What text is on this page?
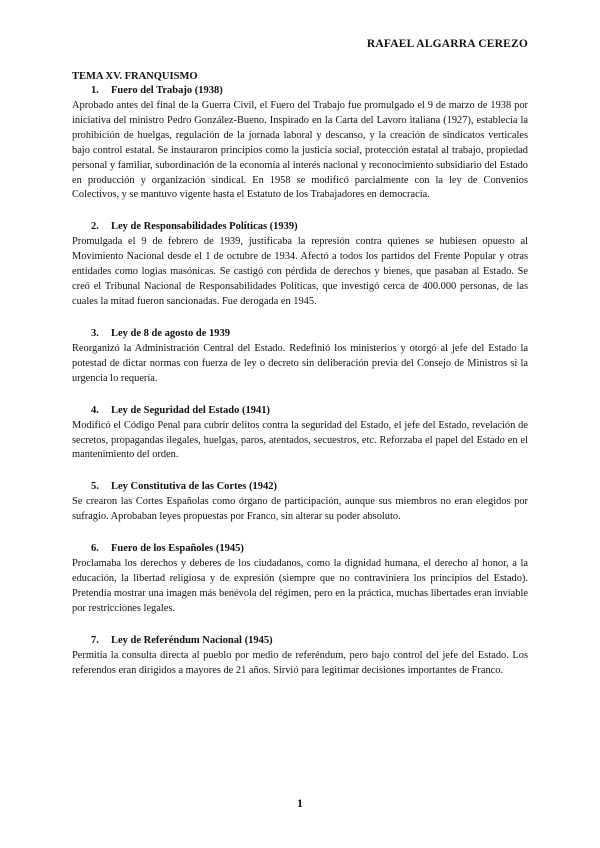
RAFAEL ALGARRA CEREZO
TEMA XV. FRANQUISMO
1. Fuero del Trabajo (1938)

Aprobado antes del final de la Guerra Civil, el Fuero del Trabajo fue promulgado el 9 de marzo de 1938 por iniciativa del ministro Pedro González-Bueno. Inspirado en la Carta del Lavoro italiana (1927), establecía la prohibición de huelgas, regulación de la jornada laboral y descanso, y la creación de sindicatos verticales bajo control estatal. Se instauraron principios como la justicia social, protección estatal al trabajo, propiedad personal y familiar, subordinación de la economía al interés nacional y reconocimiento subsidiario del Estado en producción y organización sindical. En 1958 se modificó parcialmente con la ley de Convenios Colectivos, y se mantuvo vigente hasta el Estatuto de los Trabajadores en democracia.

2. Ley de Responsabilidades Políticas (1939)

Promulgada el 9 de febrero de 1939, justificaba la represión contra quienes se hubiesen opuesto al Movimiento Nacional desde el 1 de octubre de 1934. Afectó a todos los partidos del Frente Popular y otras entidades como logias masónicas. Se castigó con pérdida de derechos y bienes, que pasaban al Estado. Se creó el Tribunal Nacional de Responsabilidades Políticas, que investigó cerca de 400.000 personas, de las cuales la mitad fueron sancionadas. Fue derogada en 1945.

3. Ley de 8 de agosto de 1939

Reorganizó la Administración Central del Estado. Redefinió los ministerios y otorgó al jefe del Estado la potestad de dictar normas con fuerza de ley o decreto sin deliberación previa del Consejo de Ministros si la urgencia lo requería.

4. Ley de Seguridad del Estado (1941)

Modificó el Código Penal para cubrir delitos contra la seguridad del Estado, el jefe del Estado, revelación de secretos, propagandas ilegales, huelgas, paros, atentados, secuestros, etc. Reforzaba el papel del Estado en el mantenimiento del orden.

5. Ley Constitutiva de las Cortes (1942)

Se crearon las Cortes Españolas como órgano de participación, aunque sus miembros no eran elegidos por sufragio. Aprobaban leyes propuestas por Franco, sin alterar su poder absoluto.

6. Fuero de los Españoles (1945)

Proclamaba los derechos y deberes de los ciudadanos, como la dignidad humana, el derecho al honor, a la educación, la libertad religiosa y de expresión (siempre que no contraviniera los principios del Estado). Pretendía mostrar una imagen más benévola del régimen, pero en la práctica, muchas libertades eran inviable por restricciones legales.

7. Ley de Referéndum Nacional (1945)

Permitía la consulta directa al pueblo por medio de referéndum, pero bajo control del jefe del Estado. Los referendos eran dirigidos a mayores de 21 años. Sirvió para legitimar decisiones importantes de Franco.

1
